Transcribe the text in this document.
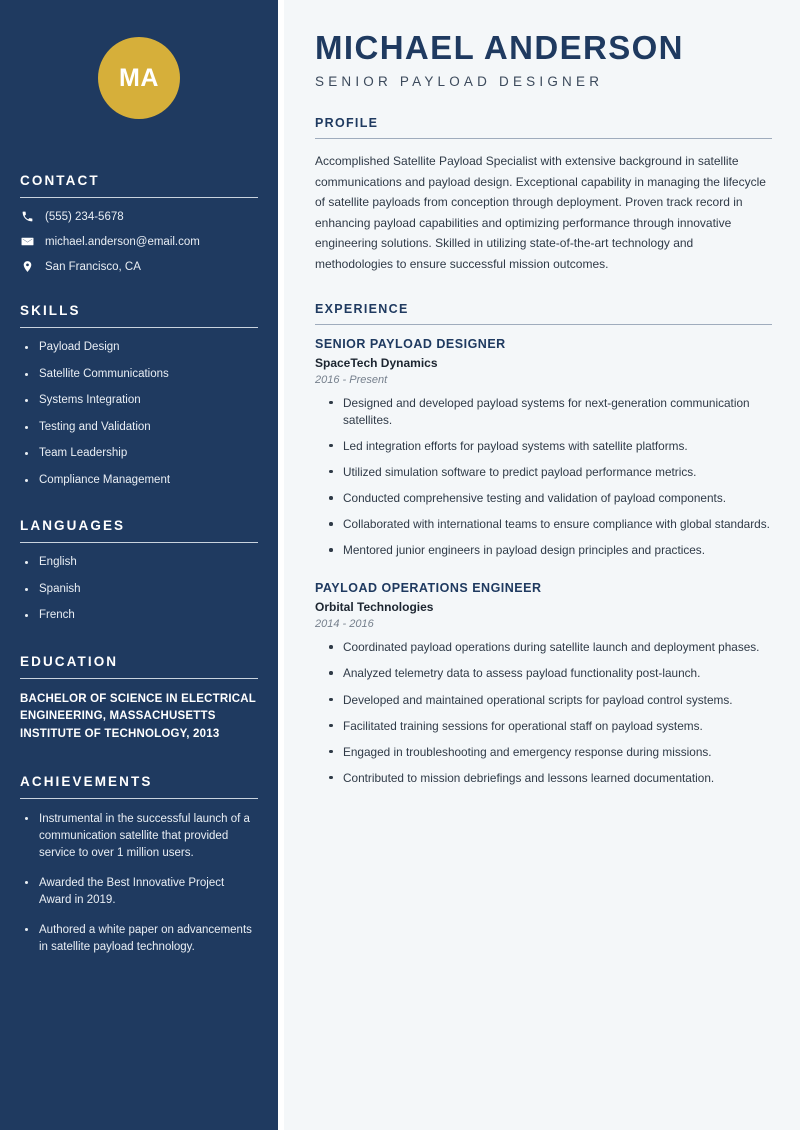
MA
CONTACT
(555) 234-5678
michael.anderson@email.com
San Francisco, CA
SKILLS
Payload Design
Satellite Communications
Systems Integration
Testing and Validation
Team Leadership
Compliance Management
LANGUAGES
English
Spanish
French
EDUCATION
BACHELOR OF SCIENCE IN ELECTRICAL ENGINEERING, MASSACHUSETTS INSTITUTE OF TECHNOLOGY, 2013
ACHIEVEMENTS
Instrumental in the successful launch of a communication satellite that provided service to over 1 million users.
Awarded the Best Innovative Project Award in 2019.
Authored a white paper on advancements in satellite payload technology.
MICHAEL ANDERSON
SENIOR PAYLOAD DESIGNER
PROFILE

Accomplished Satellite Payload Specialist with extensive background in satellite communications and payload design. Exceptional capability in managing the lifecycle of satellite payloads from conception through deployment. Proven track record in enhancing payload capabilities and optimizing performance through innovative engineering solutions. Skilled in utilizing state-of-the-art technology and methodologies to ensure successful mission outcomes.

EXPERIENCE
SENIOR PAYLOAD DESIGNER
SpaceTech Dynamics
2016 - Present
Designed and developed payload systems for next-generation communication satellites.
Led integration efforts for payload systems with satellite platforms.
Utilized simulation software to predict payload performance metrics.
Conducted comprehensive testing and validation of payload components.
Collaborated with international teams to ensure compliance with global standards.
Mentored junior engineers in payload design principles and practices.
PAYLOAD OPERATIONS ENGINEER
Orbital Technologies
2014 - 2016
Coordinated payload operations during satellite launch and deployment phases.
Analyzed telemetry data to assess payload functionality post-launch.
Developed and maintained operational scripts for payload control systems.
Facilitated training sessions for operational staff on payload systems.
Engaged in troubleshooting and emergency response during missions.
Contributed to mission debriefings and lessons learned documentation.
